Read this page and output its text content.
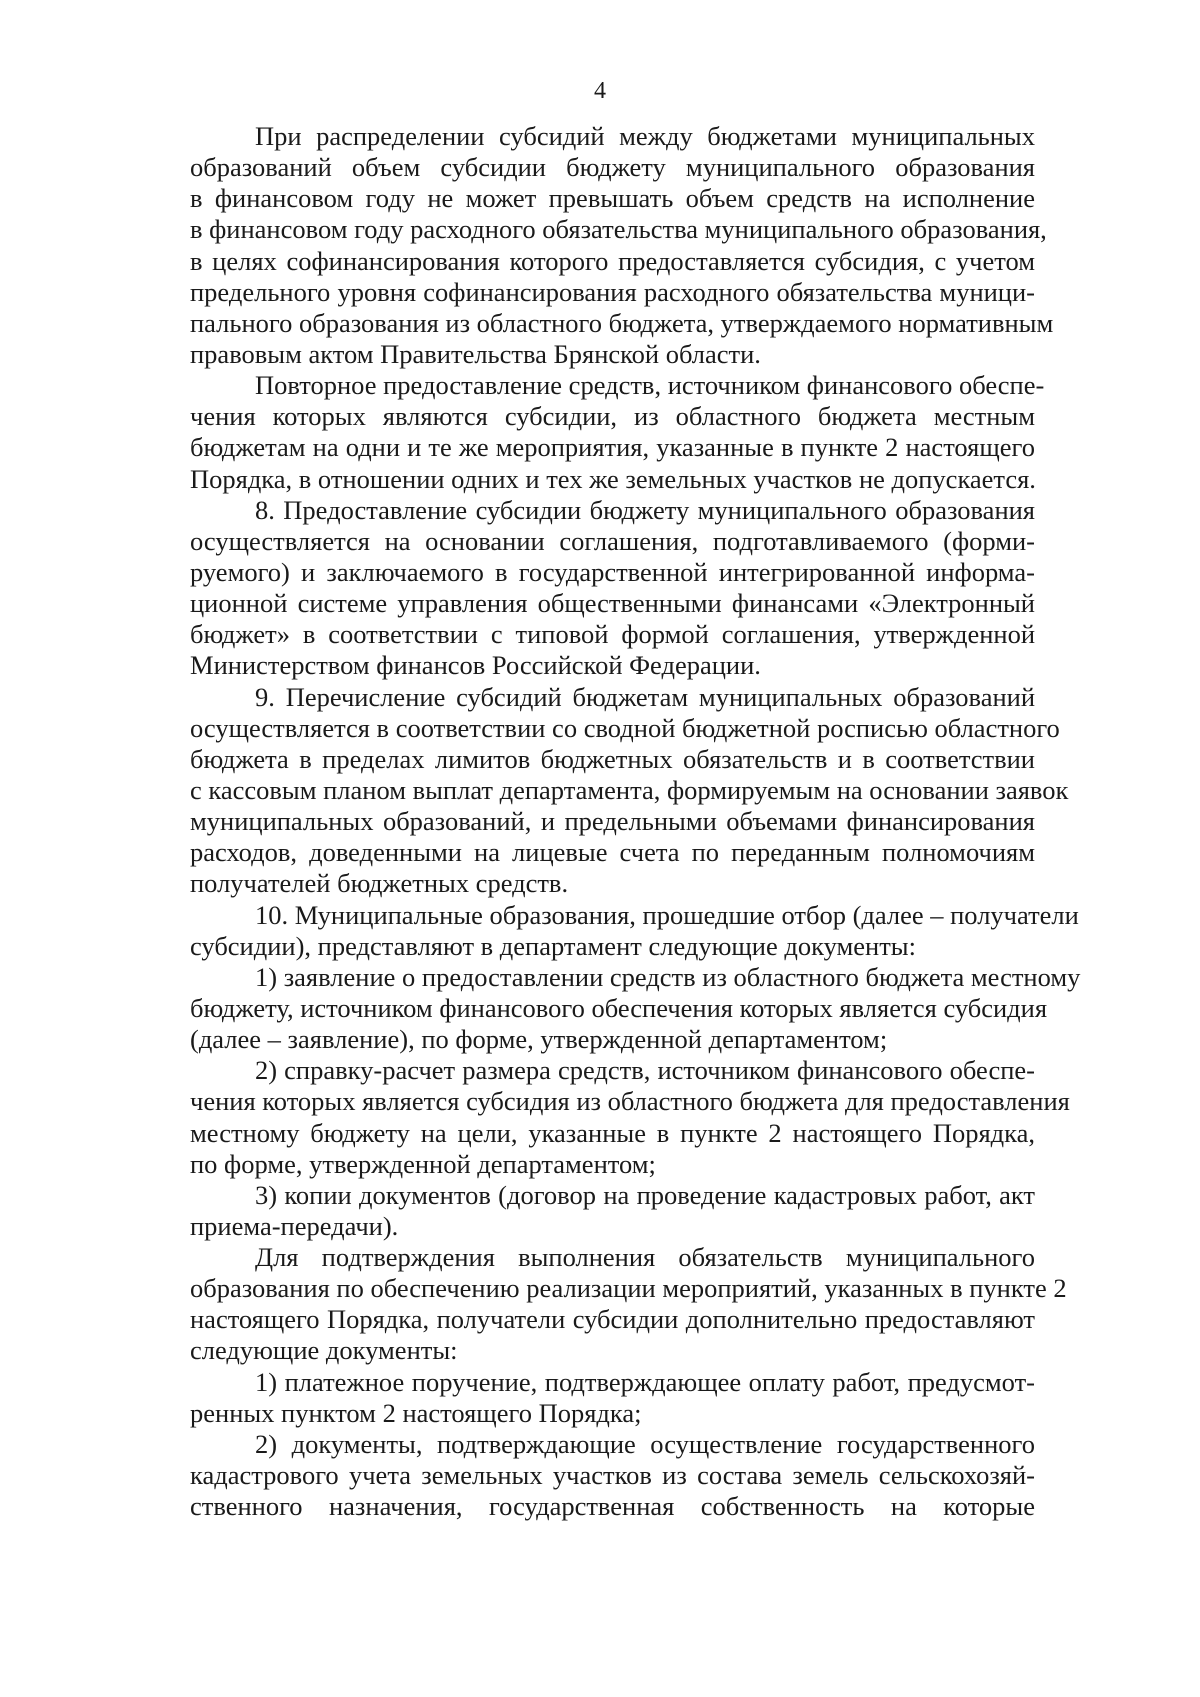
4
При распределении субсидий между бюджетами муниципальных
образований объем субсидии бюджету муниципального образования
в финансовом году не может превышать объем средств на исполнение
в финансовом году расходного обязательства муниципального образования,
в целях софинансирования которого предоставляется субсидия, с учетом
предельного уровня софинансирования расходного обязательства муници-
пального образования из областного бюджета, утверждаемого нормативным
правовым актом Правительства Брянской области.
Повторное предоставление средств, источником финансового обеспе-
чения которых являются субсидии, из областного бюджета местным
бюджетам на одни и те же мероприятия, указанные в пункте 2 настоящего
Порядка, в отношении одних и тех же земельных участков не допускается.
8. Предоставление субсидии бюджету муниципального образования
осуществляется на основании соглашения, подготавливаемого (форми-
руемого) и заключаемого в государственной интегрированной информа-
ционной системе управления общественными финансами «Электронный
бюджет» в соответствии с типовой формой соглашения, утвержденной
Министерством финансов Российской Федерации.
9. Перечисление субсидий бюджетам муниципальных образований
осуществляется в соответствии со сводной бюджетной росписью областного
бюджета в пределах лимитов бюджетных обязательств и в соответствии
с кассовым планом выплат департамента, формируемым на основании заявок
муниципальных образований, и предельными объемами финансирования
расходов, доведенными на лицевые счета по переданным полномочиям
получателей бюджетных средств.
10. Муниципальные образования, прошедшие отбор (далее – получатели
субсидии), представляют в департамент следующие документы:
1) заявление о предоставлении средств из областного бюджета местному
бюджету, источником финансового обеспечения которых является субсидия
(далее – заявление), по форме, утвержденной департаментом;
2) справку-расчет размера средств, источником финансового обеспе-
чения которых является субсидия из областного бюджета для предоставления
местному бюджету на цели, указанные в пункте 2 настоящего Порядка,
по форме, утвержденной департаментом;
3) копии документов (договор на проведение кадастровых работ, акт
приема-передачи).
Для подтверждения выполнения обязательств муниципального
образования по обеспечению реализации мероприятий, указанных в пункте 2
настоящего Порядка, получатели субсидии дополнительно предоставляют
следующие документы:
1) платежное поручение, подтверждающее оплату работ, предусмот-
ренных пунктом 2 настоящего Порядка;
2) документы, подтверждающие осуществление государственного
кадастрового учета земельных участков из состава земель сельскохозяй-
ственного назначения, государственная собственность на которые
